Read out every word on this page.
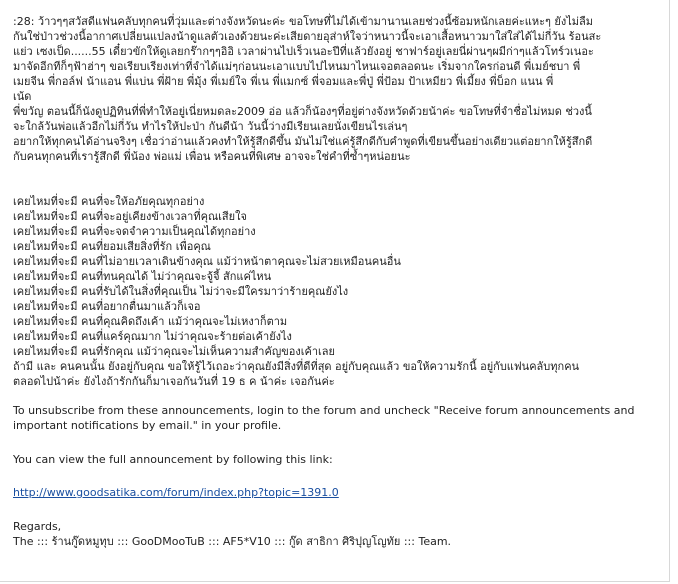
:28: ว้าวๆๆสวัสดีแฟนคลับทุกคนที่วุ่มและต่างจังหวัดนะค่ะ ขอโทษที่ไม่ได้เข้ามานานเลยช่วงนี้ซ้อมหนักเลยค่ะแหะๆ ยังไม่ลืม
กันใช่ป่าวช่วงนี้อากาศเปลี่ยนแปลงน้าดูแลตัวเองด้วยนะค่ะเสียดายอุส่าห์ใจว่าหนาวนี้จะเอาเสื้อหนาวมาใส่ใส่ได้ไม่กี่วัน ร้อนสะ
แย่ว เซงเป็ด......55 เดี๋ยวขักให้ดูเลยกร๊ากๆๆอิอิ เวลาผ่านไปเร็วเนอะปีที่แล้วยังอยู่ ชาฟาร์อยู่เลยนี่ผ่านๆผมีก่าๆแล้วโทร์วเนอะ
มาจัดอีกทีก็ๆฟ้าฮ่าๆ ขอเรียบเรียงเท่าที่จำได้แม่ๆก่อนนะเอาแบบไปไหนมาไหนเจอตลอดนะ เริ่มจากใครก่อนดี พี่เมย์ชบา พี่
เมยจีน พี่กอล์ฟ น้าแอน พี่แบ่น พี่ฝ้าย พี่มุ้ง พี่เมย์ใจ พี่เน พี่แมกซ์ พี่จอมและพี่ปู่ พี่ป้อม ป้าเหมียว พี่เมี้ยง พี่บ็อก แนน พี่
เน้ด
พี่ขวัญ ตอนนี้ก็นังดูปฏิทินที่พี่ทำให้อยู่เนี่ยหมดละ2009 อ่อ แล้วก็น้องๆที่อยู่ต่างจังหวัดด้วยน้าค่ะ ขอโทษที่จำชื่อไม่หมด ช่วงนี้
จะใกล้วันพ่อแล้วอีกไม่กี่วัน ทำไรให้ปะป่า กันดีน้า วันนี้ว่างมีเรียนเลยนั่งเขียนไรเล่นๆ
อยากให้ทุกคนได้อ่านจริงๆ เชื่อว่าอ่านแล้วคงทำให้รู้สึกดีขึ้น มันไม่ใช่แค่รู้สึกดีกับคำพูดที่เขียนขึ้นอย่างเดียวแต่อยากให้รู้สึกดี
กับคนทุกคนที่เรารู้สึกดี พี่น้อง พ่อแม่ เพื่อน หรือคนที่พิเศษ อาจจะใช่คำที่ซ้ำๆหน่อยนะ
เคยไหมที่จะมี คนที่จะให้อภัยคุณทุกอย่าง
เคยไหมที่จะมี คนที่จะอยู่เคียงข้างเวลาที่คุณเสียใจ
เคยไหมที่จะมี คนที่จะจดจำความเป็นคุณได้ทุกอย่าง
เคยไหมที่จะมี คนที่ยอมเสียสิ่งที่รัก เพื่อคุณ
เคยไหมที่จะมี คนที่ไม่อายเวลาเดินข้างคุณ แม้ว่าหน้าตาคุณจะไม่สวยเหมือนคนอื่น
เคยไหมที่จะมี คนที่ทนคุณได้ ไม่ว่าคุณจะจู้จี้ สักแค่ไหน
เคยไหมที่จะมี คนที่รับได้ในสิ่งที่คุณเป็น ไม่ว่าจะมีใครมาว่าร้ายคุณยังไง
เคยไหมที่จะมี คนที่อยากตื่นมาแล้วก็เจอ
เคยไหมที่จะมี คนที่คุณคิดถึงเค้า แม้ว่าคุณจะไม่เหงาก็ตาม
เคยไหมที่จะมี คนที่แคร์คุณมาก ไม่ว่าคุณจะร้ายต่อเค้ายังไง
เคยไหมที่จะมี คนที่รักคุณ แม้ว่าคุณจะไม่เห็นความสำคัญของเค้าเลย
ถ้ามี และ คนคนนั้น ยังอยู่กับคุณ ขอให้รู้ไว้เถอะว่าคุณยังมีสิ่งที่ดีที่สุด อยู่กับคุณแล้ว ขอให้ความรักนี้ อยู่กับแฟนคลับทุกคน
ตลอดไปน้าค่ะ ยังไงถ้ารักกันก็มาเจอกันวันที่ 19 ธ ค น้าค่ะ เจอกันค่ะ
To unsubscribe from these announcements, login to the forum and uncheck "Receive forum announcements and
important notifications by email." in your profile.
You can view the full announcement by following this link:
http://www.goodsatika.com/forum/index.php?topic=1391.0
Regards,
The ::: ร้านกู๊ดหมูทุบ ::: GooDMooTuB ::: AF5*V10 ::: กู๊ด สาธิกา ศิริปุญโญทัย ::: Team.
